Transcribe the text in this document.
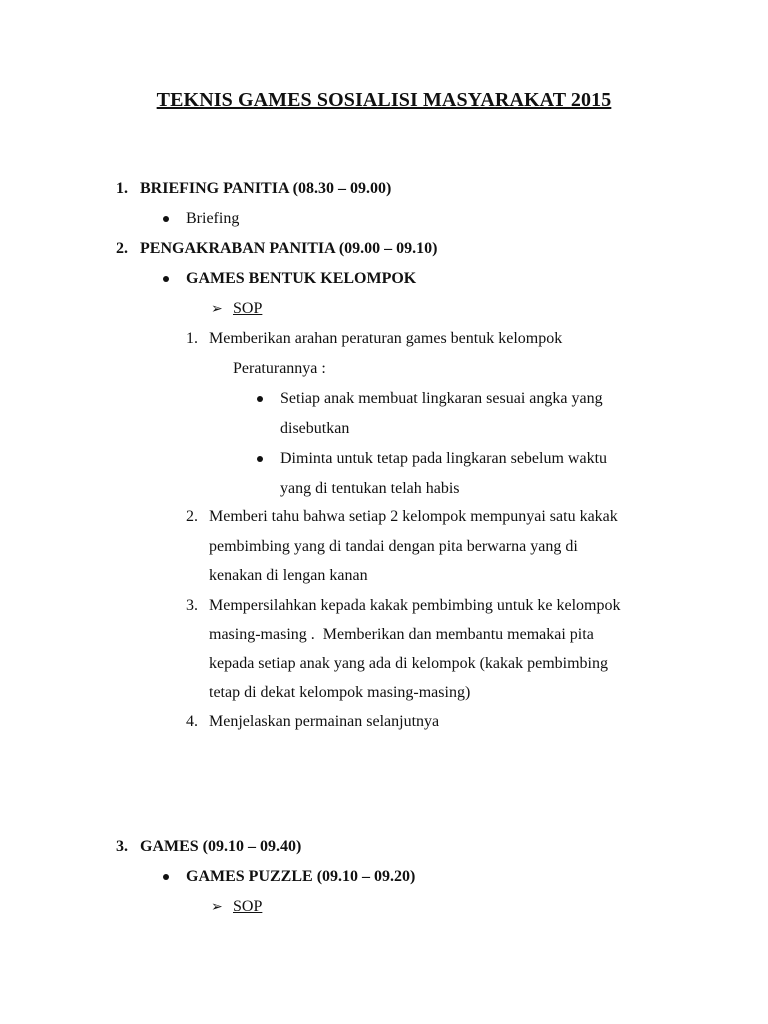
TEKNIS GAMES SOSIALISI MASYARAKAT 2015
1. BRIEFING PANITIA (08.30 – 09.00)
Briefing
2. PENGAKRABAN PANITIA (09.00 – 09.10)
GAMES BENTUK KELOMPOK
➢ SOP
1. Memberikan arahan peraturan games bentuk kelompok
Peraturannya :
Setiap anak membuat lingkaran sesuai angka yang
disebutkan
Diminta untuk tetap pada lingkaran sebelum waktu
yang di tentukan telah habis
2. Memberi tahu bahwa setiap 2 kelompok mempunyai satu kakak
pembimbing yang di tandai dengan pita berwarna yang di
kenakan di lengan kanan
3. Mempersilahkan kepada kakak pembimbing untuk ke kelompok
masing-masing .  Memberikan dan membantu memakai pita
kepada setiap anak yang ada di kelompok (kakak pembimbing
tetap di dekat kelompok masing-masing)
4. Menjelaskan permainan selanjutnya
3. GAMES (09.10 – 09.40)
GAMES PUZZLE (09.10 – 09.20)
➢ SOP
